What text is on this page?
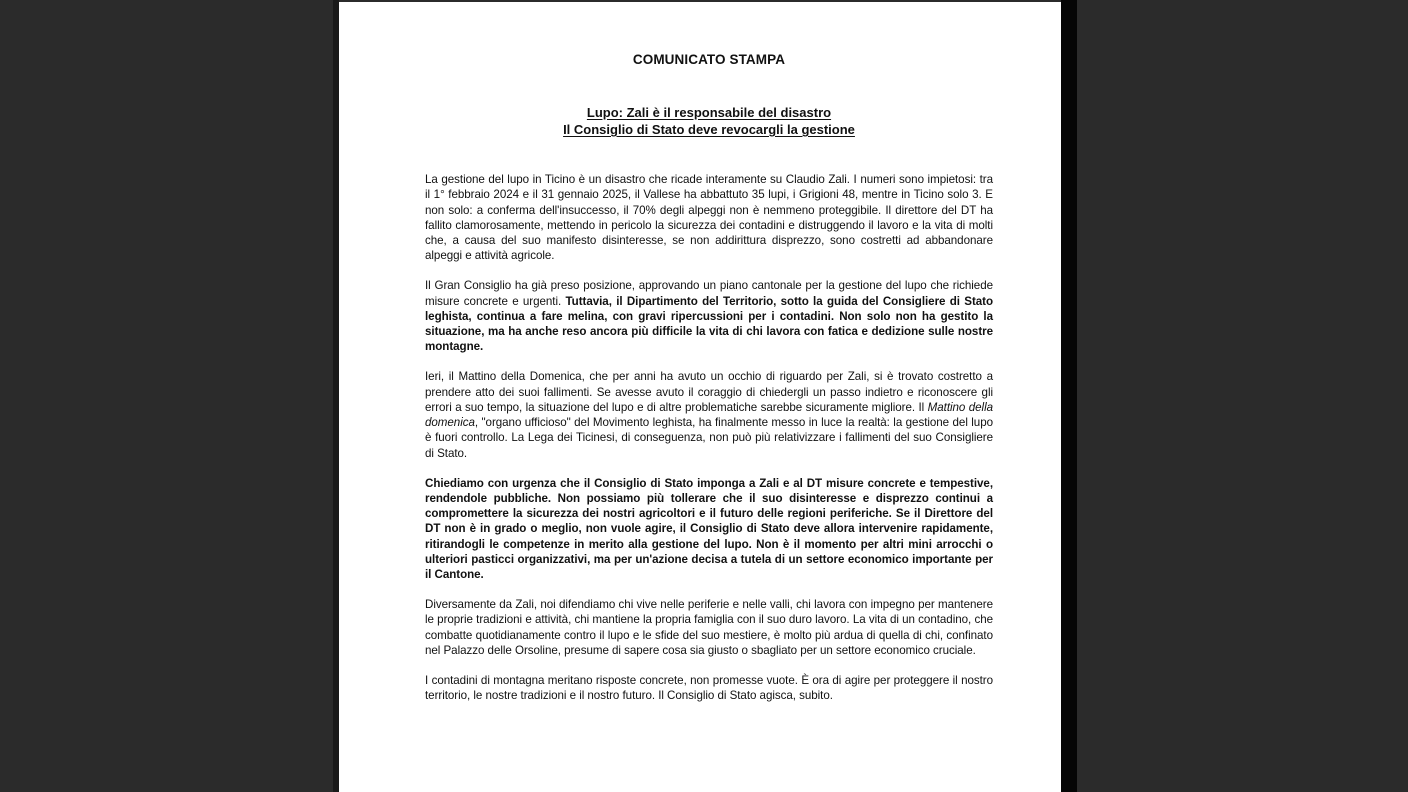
COMUNICATO STAMPA
Lupo: Zali è il responsabile del disastro
Il Consiglio di Stato deve revocargli la gestione

La gestione del lupo in Ticino è un disastro che ricade interamente su Claudio Zali. I numeri sono impietosi: tra il 1° febbraio 2024 e il 31 gennaio 2025, il Vallese ha abbattuto 35 lupi, i Grigioni 48, mentre in Ticino solo 3. E non solo: a conferma dell'insuccesso, il 70% degli alpeggi non è nemmeno proteggibile. Il direttore del DT ha fallito clamorosamente, mettendo in pericolo la sicurezza dei contadini e distruggendo il lavoro e la vita di molti che, a causa del suo manifesto disinteresse, se non addirittura disprezzo, sono costretti ad abbandonare alpeggi e attività agricole.

Il Gran Consiglio ha già preso posizione, approvando un piano cantonale per la gestione del lupo che richiede misure concrete e urgenti. Tuttavia, il Dipartimento del Territorio, sotto la guida del Consigliere di Stato leghista, continua a fare melina, con gravi ripercussioni per i contadini. Non solo non ha gestito la situazione, ma ha anche reso ancora più difficile la vita di chi lavora con fatica e dedizione sulle nostre montagne.

Ieri, il Mattino della Domenica, che per anni ha avuto un occhio di riguardo per Zali, si è trovato costretto a prendere atto dei suoi fallimenti. Se avesse avuto il coraggio di chiedergli un passo indietro e riconoscere gli errori a suo tempo, la situazione del lupo e di altre problematiche sarebbe sicuramente migliore. Il Mattino della domenica, "organo ufficioso" del Movimento leghista, ha finalmente messo in luce la realtà: la gestione del lupo è fuori controllo. La Lega dei Ticinesi, di conseguenza, non può più relativizzare i fallimenti del suo Consigliere di Stato.

Chiediamo con urgenza che il Consiglio di Stato imponga a Zali e al DT misure concrete e tempestive, rendendole pubbliche. Non possiamo più tollerare che il suo disinteresse e disprezzo continui a compromettere la sicurezza dei nostri agricoltori e il futuro delle regioni periferiche. Se il Direttore del DT non è in grado o meglio, non vuole agire, il Consiglio di Stato deve allora intervenire rapidamente, ritirandogli le competenze in merito alla gestione del lupo. Non è il momento per altri mini arrocchi o ulteriori pasticci organizzativi, ma per un'azione decisa a tutela di un settore economico importante per il Cantone.

Diversamente da Zali, noi difendiamo chi vive nelle periferie e nelle valli, chi lavora con impegno per mantenere le proprie tradizioni e attività, chi mantiene la propria famiglia con il suo duro lavoro. La vita di un contadino, che combatte quotidianamente contro il lupo e le sfide del suo mestiere, è molto più ardua di quella di chi, confinato nel Palazzo delle Orsoline, presume di sapere cosa sia giusto o sbagliato per un settore economico cruciale.

I contadini di montagna meritano risposte concrete, non promesse vuote. È ora di agire per proteggere il nostro territorio, le nostre tradizioni e il nostro futuro. Il Consiglio di Stato agisca, subito.
